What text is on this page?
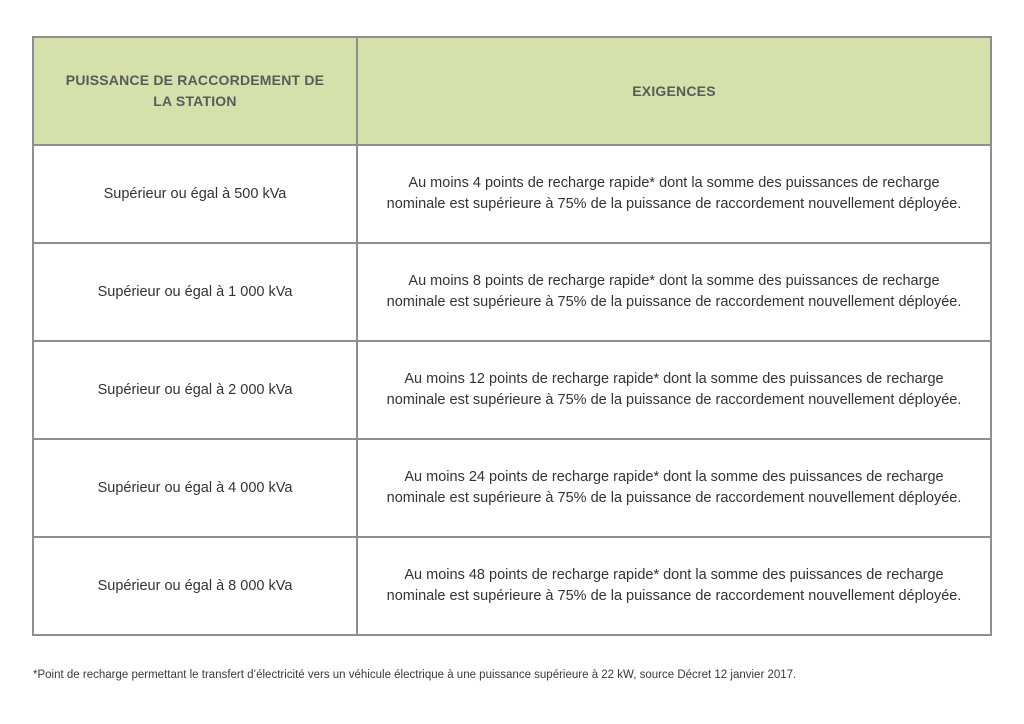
PUISSANCE DE RACCORDEMENT DE LA STATION	EXIGENCES
Supérieur ou égal à 500 kVa	Au moins 4 points de recharge rapide* dont la somme des puissances de recharge nominale est supérieure à 75% de la puissance de raccordement nouvellement déployée.
Supérieur ou égal à 1 000 kVa	Au moins 8 points de recharge rapide* dont la somme des puissances de recharge nominale est supérieure à 75% de la puissance de raccordement nouvellement déployée.
Supérieur ou égal à 2 000 kVa	Au moins 12 points de recharge rapide* dont la somme des puissances de recharge nominale est supérieure à 75% de la puissance de raccordement nouvellement déployée.
Supérieur ou égal à 4 000 kVa	Au moins 24 points de recharge rapide* dont la somme des puissances de recharge nominale est supérieure à 75% de la puissance de raccordement nouvellement déployée.
Supérieur ou égal à 8 000 kVa	Au moins 48 points de recharge rapide* dont la somme des puissances de recharge nominale est supérieure à 75% de la puissance de raccordement nouvellement déployée.
*Point de recharge permettant le transfert d’électricité vers un véhicule électrique à une puissance supérieure à 22 kW, source Décret 12 janvier 2017.
